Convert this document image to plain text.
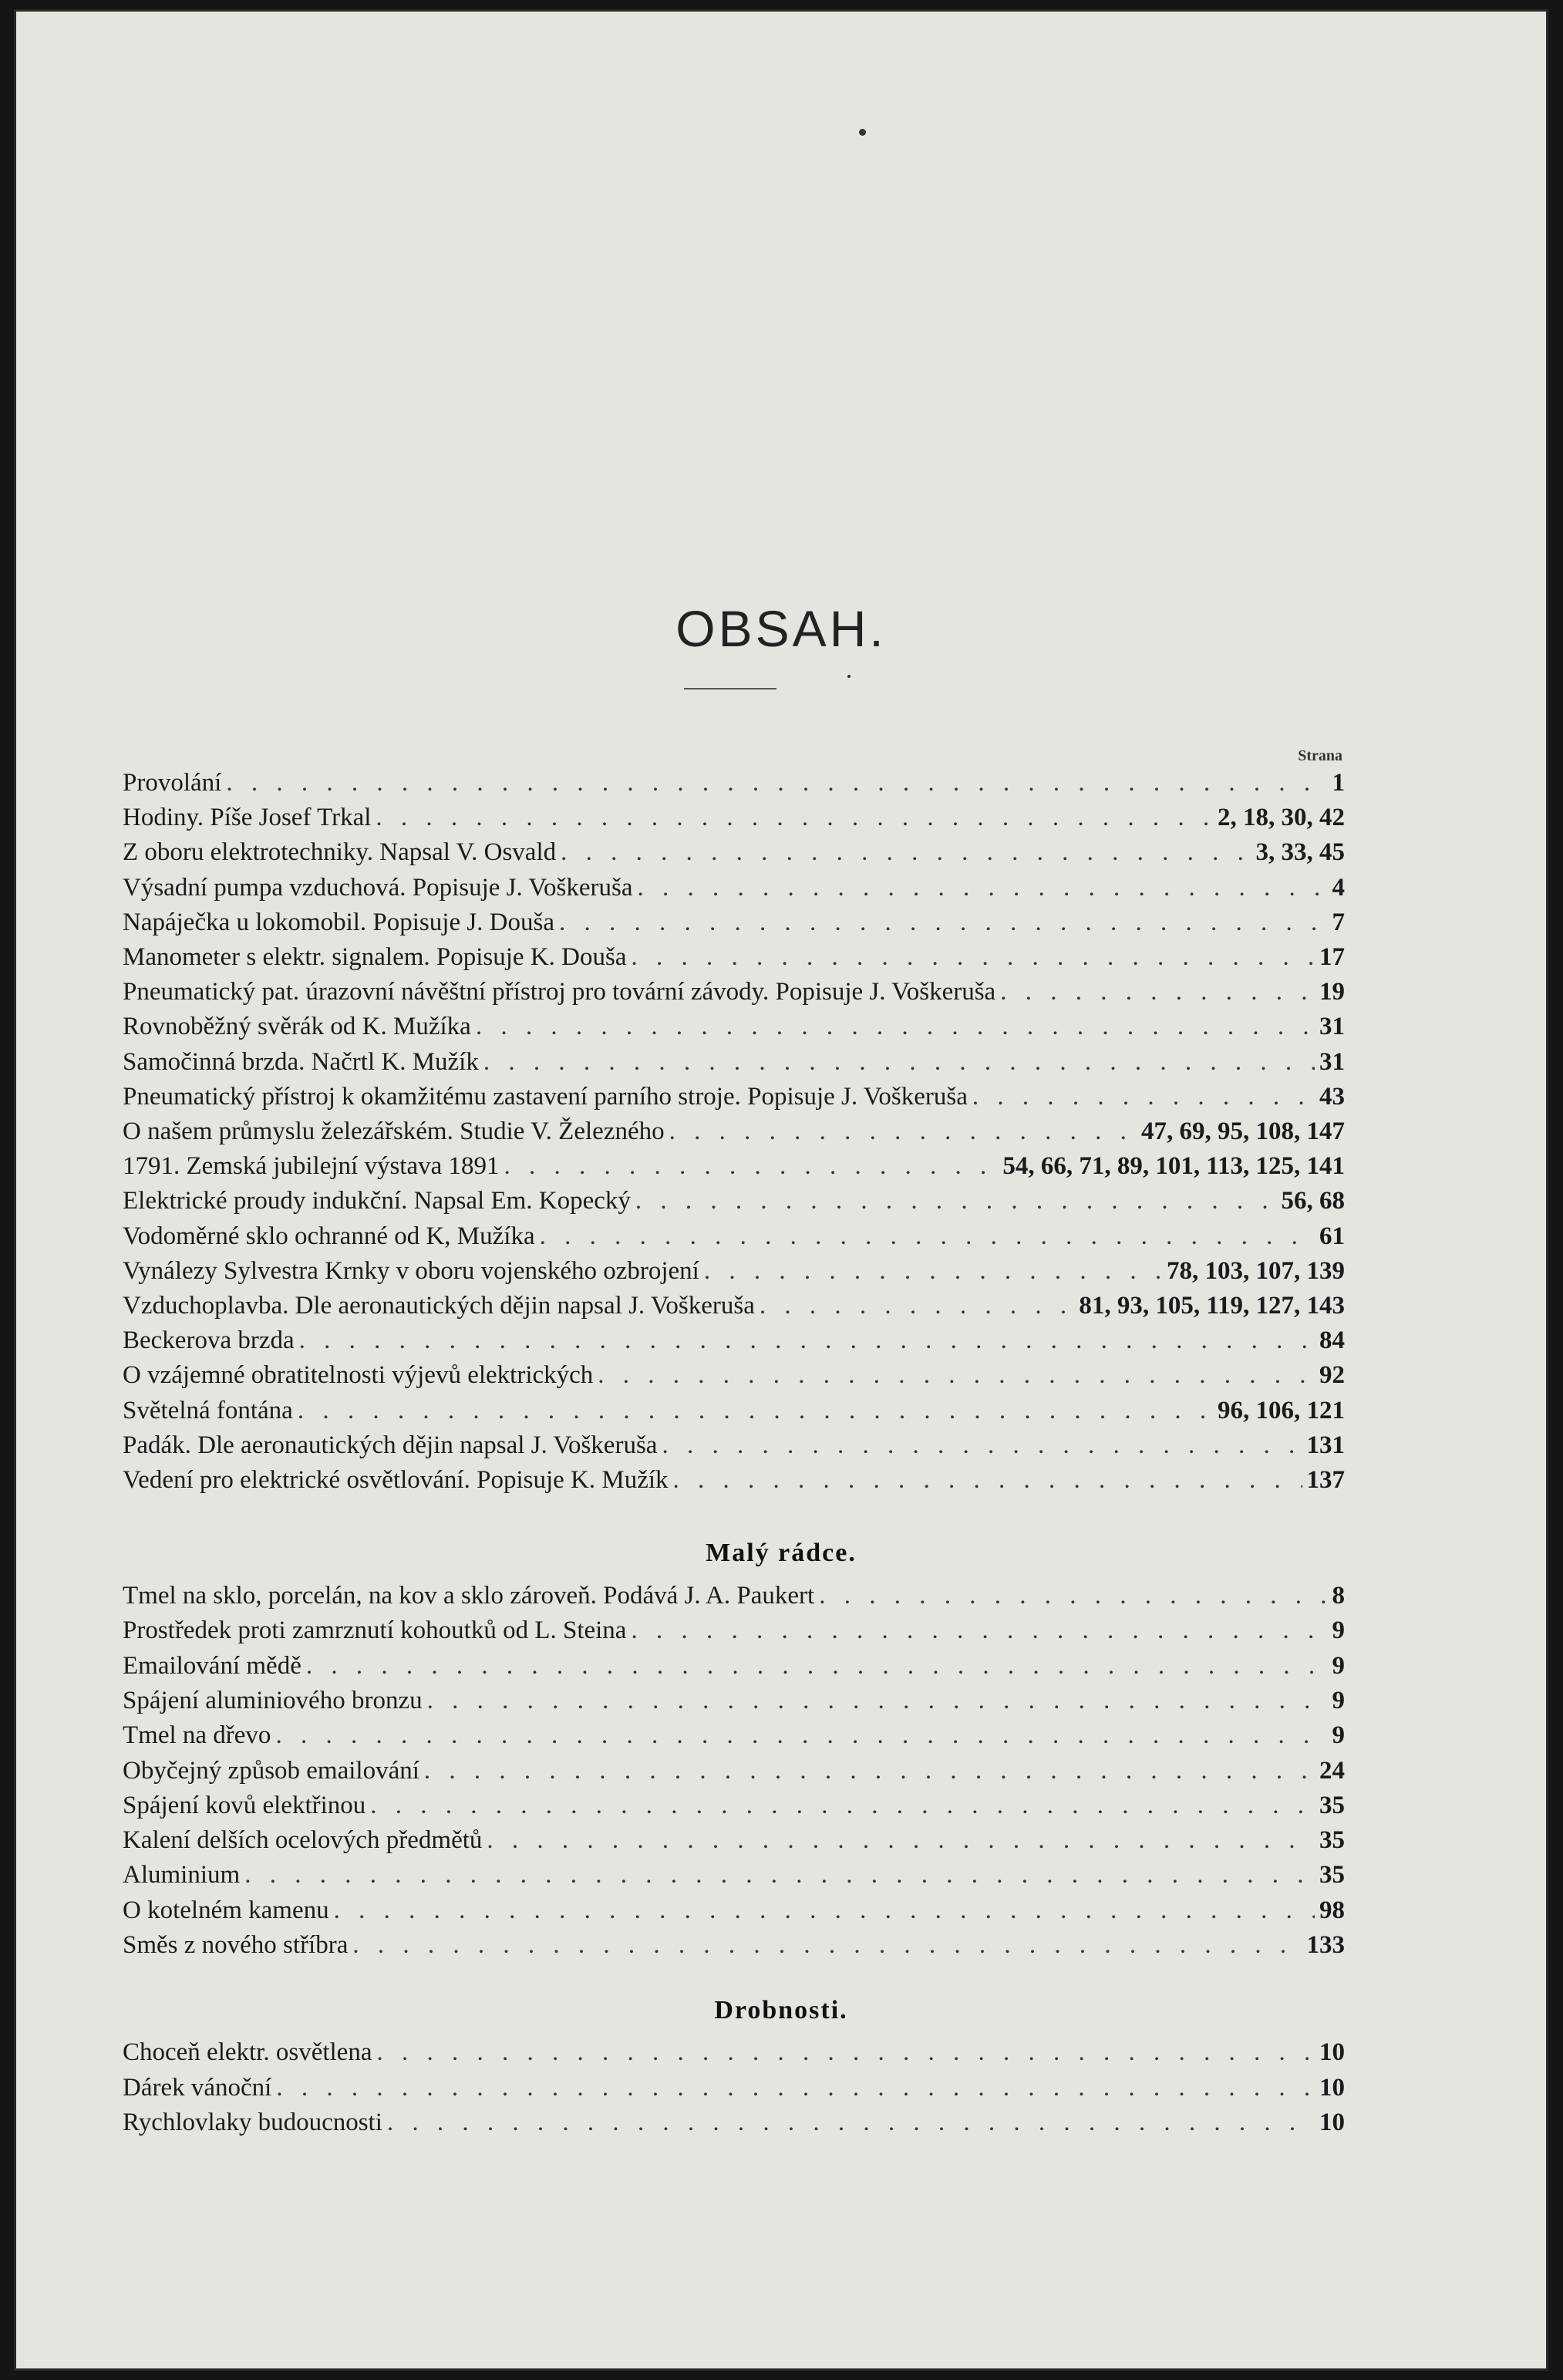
OBSAH.
Strana
Provolání . . .	1
Hodiny. Píše Josef Trkal . . .	2, 18, 30, 42
Z oboru elektrotechniky. Napsal V. Osvald . . .	3, 33, 45
Výsadní pumpa vzduchová. Popisuje J. Voškeruša . . .	4
Napáječka u lokomobil. Popisuje J. Douša . . .	7
Manometer s elektr. signalem. Popisuje K. Douša . . .	17
Pneumatický pat. úrazovní návěštní přístroj pro tovární závody. Popisuje J. Voškeruša . . .	19
Rovnoběžný svěrák od K. Mužíka . . .	31
Samočinná brzda. Načrtl K. Mužík . . .	31
Pneumatický přístroj k okamžitému zastavení parního stroje. Popisuje J. Voškeruša . . .	43
O našem průmyslu železářském. Studie V. Železného . . .	47, 69, 95, 108, 147
1791. Zemská jubilejní výstava 1891 . . .	54, 66, 71, 89, 101, 113, 125, 141
Elektrické proudy indukční. Napsal Em. Kopecký . . .	56, 68
Vodoměrné sklo ochranné od K, Mužíka . . .	61
Vynálezy Sylvestra Krnky v oboru vojenského ozbrojení . . .	78, 103, 107, 139
Vzduchoplavba. Dle aeronautických dějin napsal J. Voškeruša . . .	81, 93, 105, 119, 127, 143
Beckerova brzda . . .	84
O vzájemné obratitelnosti výjevů elektrických . . .	92
Světelná fontána . . .	96, 106, 121
Padák. Dle aeronautických dějin napsal J. Voškeruša . . .	131
Vedení pro elektrické osvětlování. Popisuje K. Mužík . . .	137
Malý rádce.
Tmel na sklo, porcelán, na kov a sklo zároveň. Podává J. A. Paukert . . .	8
Prostředek proti zamrznutí kohoutků od L. Steina . . .	9
Emailování mědě . . .	9
Spájení aluminiového bronzu . . .	9
Tmel na dřevo . . .	9
Obyčejný způsob emailování . . .	24
Spájení kovů elektřinou . . .	35
Kalení delších ocelových předmětů . . .	35
Aluminium . . .	35
O kotelném kamenu . . .	98
Směs z nového stříbra . . .	133
Drobnosti.
Choceň elektr. osvětlena . . .	10
Dárek vánoční . . .	10
Rychlovlaky budoucnosti . . .	10
